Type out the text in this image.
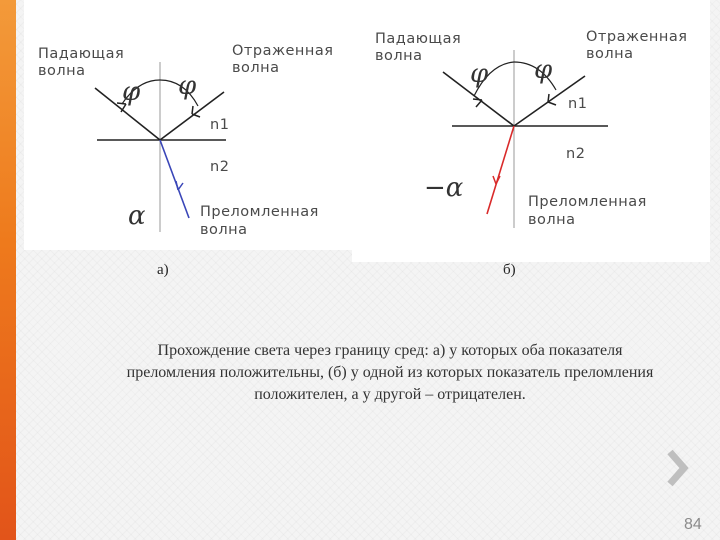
Падающая
волна
Отраженная
волна
φ φ
n1
n2
α	Преломленная
волна
Падающая
волна
Отраженная
волна
φ φ
n1
n2
−α	Преломленная
волна
а)	б)
Прохождение света через границу сред: а) у которых оба показателя
преломления положительны, (б) у одной из которых показатель преломления
положителен, а у другой – отрицателен.
84
